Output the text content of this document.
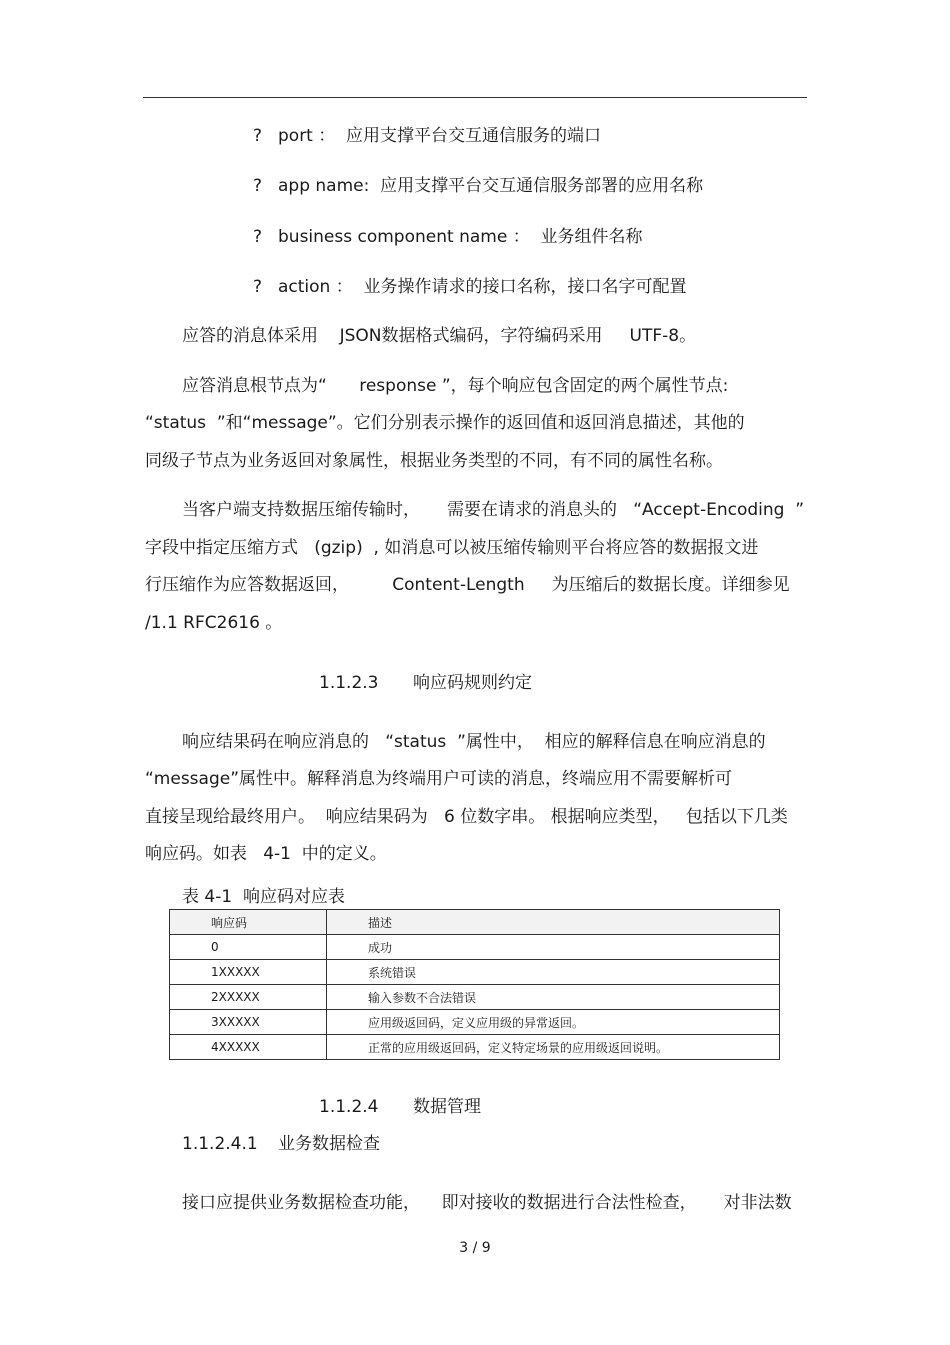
? port ：  应用支撑平台交互通信服务的端口
? app name:  应用支撑平台交互通信服务部署的应用名称
? business component name ：  业务组件名称
? action ：  业务操作请求的接口名称，接口名字可配置
应答的消息体采用    JSON数据格式编码，字符编码采用     UTF-8。
应答消息根节点为“      response ”，每个响应包含固定的两个属性节点:
“status  ”和“message”。它们分别表示操作的返回值和返回消息描述，其他的
同级子节点为业务返回对象属性，根据业务类型的不同，有不同的属性名称。
当客户端支持数据压缩传输时，     需要在请求的消息头的   “Accept-Encoding  ”
字段中指定压缩方式   (gzip)  , 如消息可以被压缩传输则平台将应答的数据报文进
行压缩作为应答数据返回，        Content-Length     为压缩后的数据长度。详细参见
/1.1 RFC2616 。
1.1.2.3 响应码规则约定
响应结果码在响应消息的   “status  ”属性中，  相应的解释信息在响应消息的
“message”属性中。解释消息为终端用户可读的消息，终端应用不需要解析可
直接呈现给最终用户。  响应结果码为   6 位数字串。 根据响应类型，   包括以下几类
响应码。如表   4-1  中的定义。
表 4-1  响应码对应表
响应码	描述
0	成功
1XXXXX	系统错误
2XXXXX	输入参数不合法错误
3XXXXX	应用级返回码，定义应用级的异常返回。
4XXXXX	正常的应用级返回码，定义特定场景的应用级返回说明。
1.1.2.4 数据管理
1.1.2.4.1 业务数据检查
接口应提供业务数据检查功能，    即对接收的数据进行合法性检查，     对非法数
3 / 9
